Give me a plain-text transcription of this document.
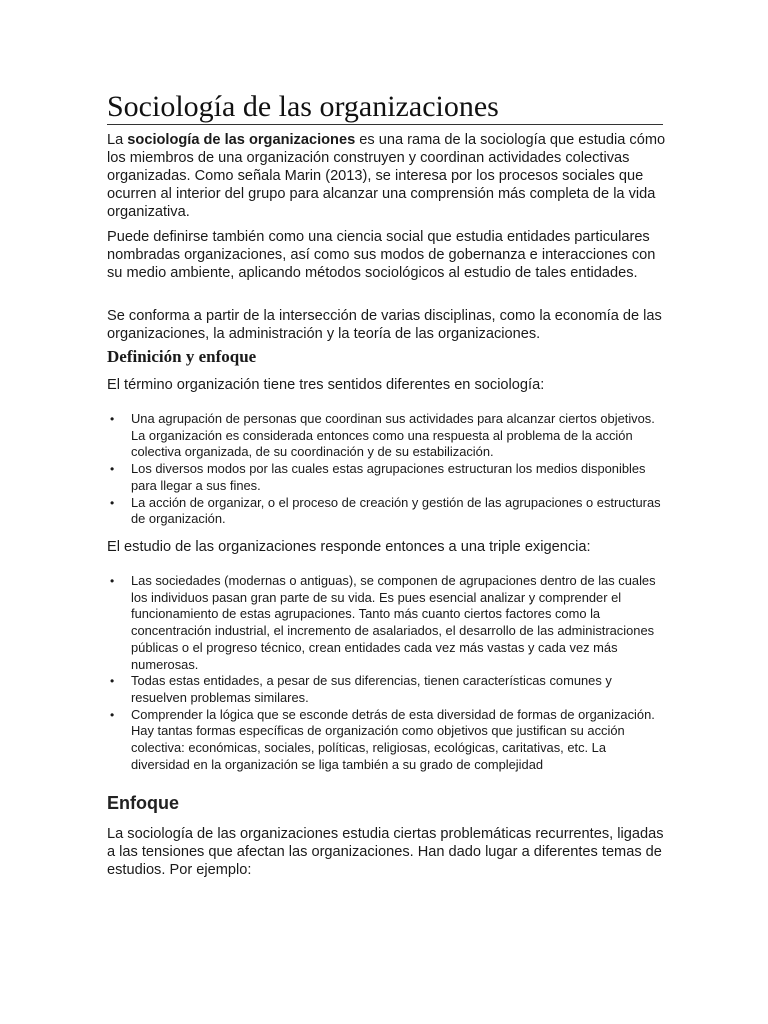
Sociología de las organizaciones

La sociología de las organizaciones es una rama de la sociología que estudia cómo los miembros de una organización construyen y coordinan actividades colectivas organizadas. Como señala Marin (2013), se interesa por los procesos sociales que ocurren al interior del grupo para alcanzar una comprensión más completa de la vida organizativa.

Puede definirse también como una ciencia social que estudia entidades particulares nombradas organizaciones, así como sus modos de gobernanza e interacciones con su medio ambiente, aplicando métodos sociológicos al estudio de tales entidades.

Se conforma a partir de la intersección de varias disciplinas, como la economía de las organizaciones, la administración y la teoría de las organizaciones.

Definición y enfoque

El término organización tiene tres sentidos diferentes en sociología:

• Una agrupación de personas que coordinan sus actividades para alcanzar ciertos objetivos. La organización es considerada entonces como una respuesta al problema de la acción colectiva organizada, de su coordinación y de su estabilización.
• Los diversos modos por las cuales estas agrupaciones estructuran los medios disponibles para llegar a sus fines.
• La acción de organizar, o el proceso de creación y gestión de las agrupaciones o estructuras de organización.

El estudio de las organizaciones responde entonces a una triple exigencia:

• Las sociedades (modernas o antiguas), se componen de agrupaciones dentro de las cuales los individuos pasan gran parte de su vida. Es pues esencial analizar y comprender el funcionamiento de estas agrupaciones. Tanto más cuanto ciertos factores como la concentración industrial, el incremento de asalariados, el desarrollo de las administraciones públicas o el progreso técnico, crean entidades cada vez más vastas y cada vez más numerosas.
• Todas estas entidades, a pesar de sus diferencias, tienen características comunes y resuelven problemas similares.
• Comprender la lógica que se esconde detrás de esta diversidad de formas de organización. Hay tantas formas específicas de organización como objetivos que justifican su acción colectiva: económicas, sociales, políticas, religiosas, ecológicas, caritativas, etc. La diversidad en la organización se liga también a su grado de complejidad
Enfoque

La sociología de las organizaciones estudia ciertas problemáticas recurrentes, ligadas a las tensiones que afectan las organizaciones. Han dado lugar a diferentes temas de estudios. Por ejemplo:
